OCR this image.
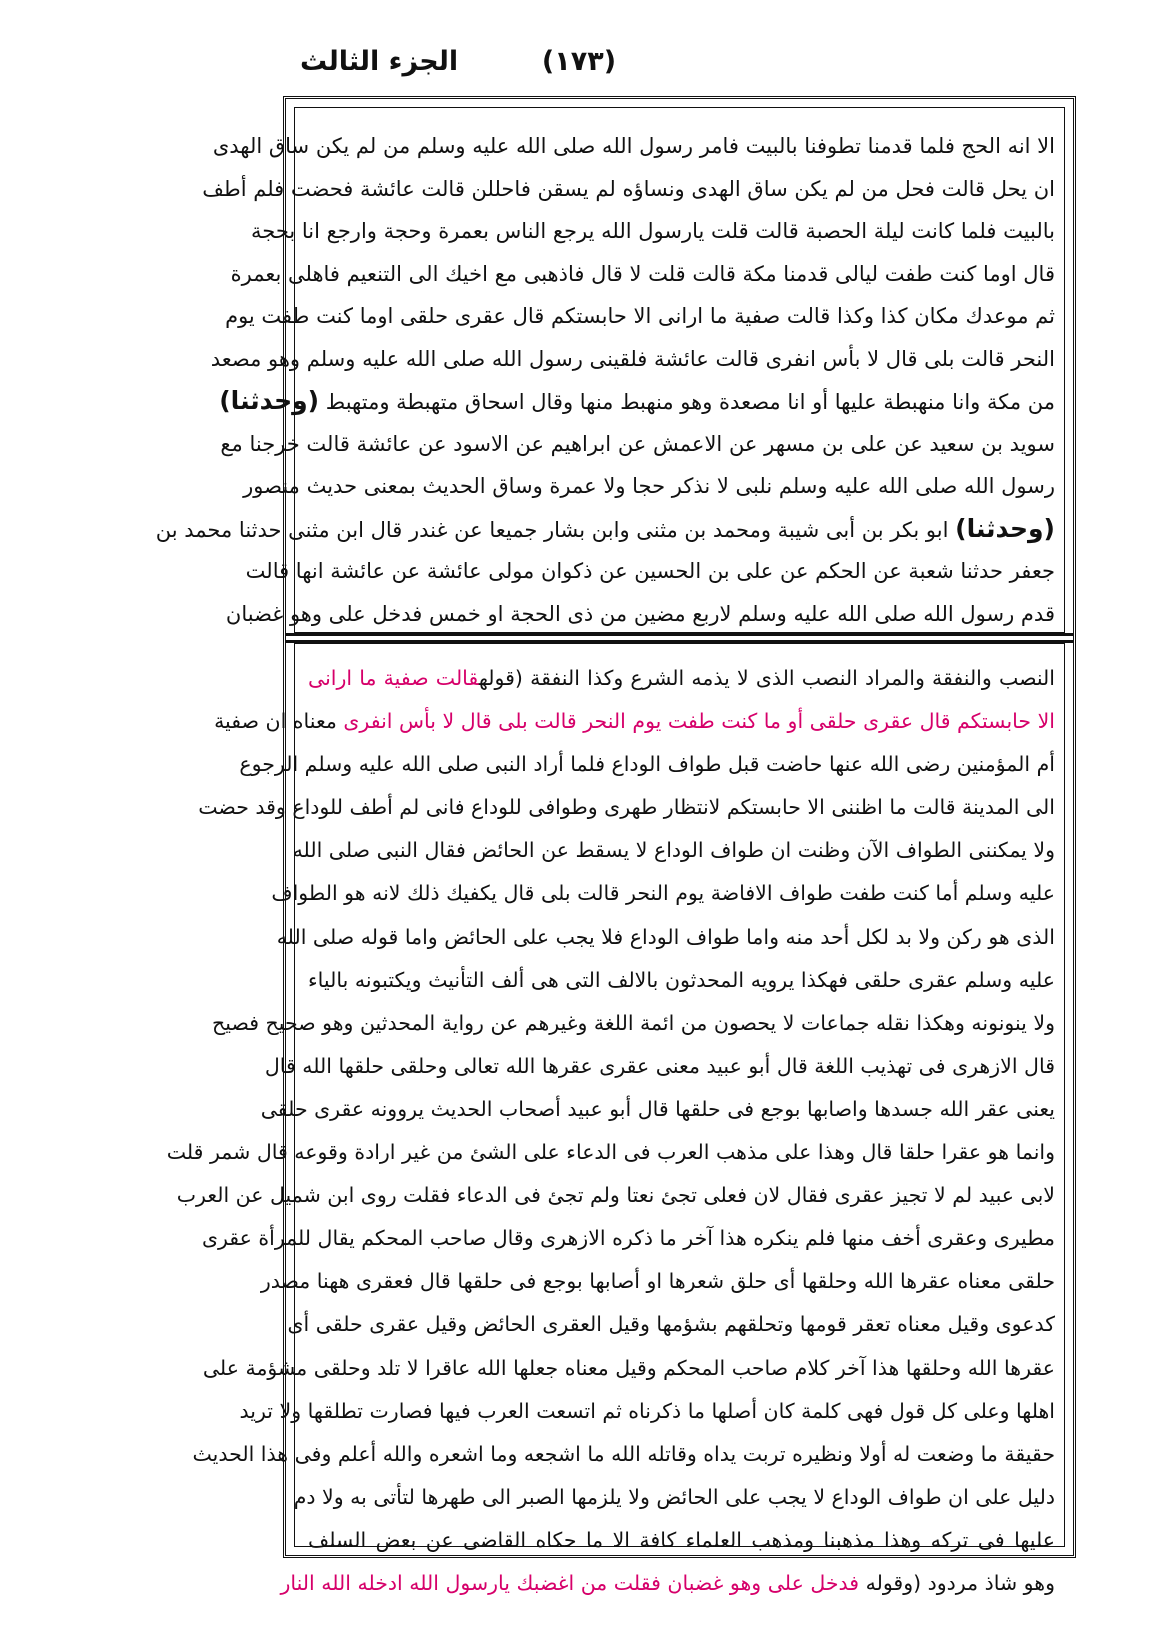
(١٧٣)
الجزء الثالث
الا انه الحج فلما قدمنا تطوفنا بالبيت فامر رسول الله صلى الله عليه وسلم من لم يكن ساق الهدى
ان يحل قالت فحل من لم يكن ساق الهدى ونساؤه لم يسقن فاحللن قالت عائشة فحضت فلم أطف
بالبيت فلما كانت ليلة الحصبة قالت قلت يارسول الله يرجع الناس بعمرة وحجة وارجع انا بحجة
قال اوما كنت طفت ليالى قدمنا مكة قالت قلت لا قال فاذهبى مع اخيك الى التنعيم فاهلى بعمرة
ثم موعدك مكان كذا وكذا قالت صفية ما ارانى الا حابستكم قال عقرى حلقى اوما كنت طفت يوم
النحر قالت بلى قال لا بأس انفرى قالت عائشة فلقينى رسول الله صلى الله عليه وسلم وهو مصعد
من مكة وانا منهبطة عليها أو انا مصعدة وهو منهبط منها وقال اسحاق متهبطة ومتهبط (وحدثنا)
سويد بن سعيد عن على بن مسهر عن الاعمش عن ابراهيم عن الاسود عن عائشة قالت خرجنا مع
رسول الله صلى الله عليه وسلم نلبى لا نذكر حجا ولا عمرة وساق الحديث بمعنى حديث منصور
(وحدثنا) ابو بكر بن أبى شيبة ومحمد بن مثنى وابن بشار جميعا عن غندر قال ابن مثنى حدثنا محمد بن
جعفر حدثنا شعبة عن الحكم عن على بن الحسين عن ذكوان مولى عائشة عن عائشة انها قالت
قدم رسول الله صلى الله عليه وسلم لاربع مضين من ذى الحجة او خمس فدخل على وهو غضبان
النصب والنفقة والمراد النصب الذى لا يذمه الشرع وكذا النفقة (قولهقالت صفية ما ارانى
الا حابستكم قال عقرى حلقى أو ما كنت طفت يوم النحر قالت بلى قال لا بأس انفرى معناه ان صفية
أم المؤمنين رضى الله عنها حاضت قبل طواف الوداع فلما أراد النبى صلى الله عليه وسلم الرجوع
الى المدينة قالت ما اظننى الا حابستكم لانتظار طهرى وطوافى للوداع فانى لم أطف للوداع وقد حضت
ولا يمكننى الطواف الآن وظنت ان طواف الوداع لا يسقط عن الحائض فقال النبى صلى الله
عليه وسلم أما كنت طفت طواف الافاضة يوم النحر قالت بلى قال يكفيك ذلك لانه هو الطواف
الذى هو ركن ولا بد لكل أحد منه واما طواف الوداع فلا يجب على الحائض واما قوله صلى الله
عليه وسلم عقرى حلقى فهكذا يرويه المحدثون بالالف التى هى ألف التأنيث ويكتبونه بالياء
ولا ينونونه وهكذا نقله جماعات لا يحصون من ائمة اللغة وغيرهم عن رواية المحدثين وهو صحيح فصيح
قال الازهرى فى تهذيب اللغة قال أبو عبيد معنى عقرى عقرها الله تعالى وحلقى حلقها الله قال
يعنى عقر الله جسدها واصابها بوجع فى حلقها قال أبو عبيد أصحاب الحديث يروونه عقرى حلقى
وانما هو عقرا حلقا قال وهذا على مذهب العرب فى الدعاء على الشئ من غير ارادة وقوعه قال شمر قلت
لابى عبيد لم لا تجيز عقرى فقال لان فعلى تجئ نعتا ولم تجئ فى الدعاء فقلت روى ابن شميل عن العرب
مطيرى وعقرى أخف منها فلم ينكره هذا آخر ما ذكره الازهرى وقال صاحب المحكم يقال للمرأة عقرى
حلقى معناه عقرها الله وحلقها أى حلق شعرها او أصابها بوجع فى حلقها قال فعقرى ههنا مصدر
كدعوى وقيل معناه تعقر قومها وتحلقهم بشؤمها وقيل العقرى الحائض وقيل عقرى حلقى أى
عقرها الله وحلقها هذا آخر كلام صاحب المحكم وقيل معناه جعلها الله عاقرا لا تلد وحلقى مشؤمة على
اهلها وعلى كل قول فهى كلمة كان أصلها ما ذكرناه ثم اتسعت العرب فيها فصارت تطلقها ولا تريد
حقيقة ما وضعت له أولا ونظيره تربت يداه وقاتله الله ما اشجعه وما اشعره والله أعلم وفى هذا الحديث
دليل على ان طواف الوداع لا يجب على الحائض ولا يلزمها الصبر الى طهرها لتأتى به ولا دم
عليها فى تركه وهذا مذهبنا ومذهب العلماء كافة الا ما حكاه القاضى عن بعض السلف
وهو شاذ مردود (وقوله فدخل على وهو غضبان فقلت من اغضبك يارسول الله ادخله الله النار
